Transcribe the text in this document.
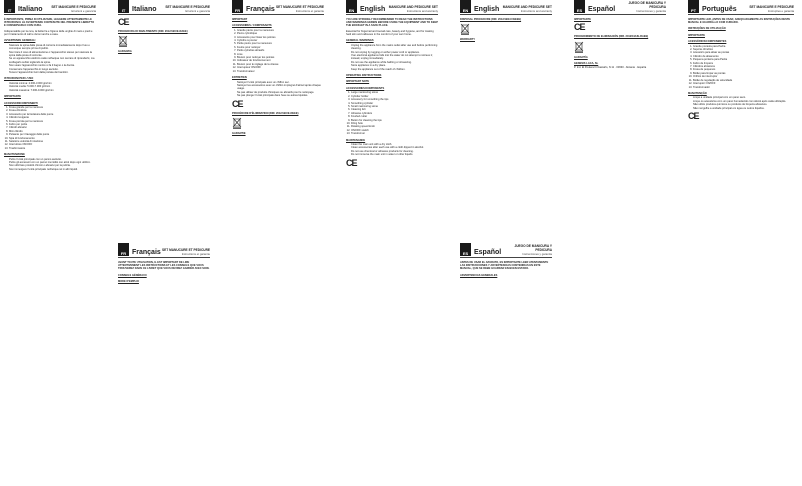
IT Italiano	SET MANICURE E PEDICURE
Istruzioni e garanzia
È IMPORTANTE, PRIMA DI UTILIZZARE, LEGGERE ATTENTAMENTE LE ISTRUZIONI E LE AVVERTENZE CONTENUTE NEL PRESENTE LIBRETTO E CONSERVARLO CON CURA.

Indispensabile per la cura, la bellezza e l'igiene delle unghie di mani e piedi e per il trattamento di calli e duroni anche a casa.

AVVERTENZE GENERALI
• Staccare la spina dalla presa di corrente immediatamente dopo l'uso e comunque sempre prima di pulirlo.
• Non tirare il cavo di alimentazione o l'apparecchio stesso per staccare la spina dalla presa di corrente.
• Se un apparecchio elettrico cade nell'acqua non cercare di riprenderlo; ma scollegarlo subito togliendo la spina.
• Non usare l'apparecchio mentre si fa il bagno o la doccia.
• Conservare l'apparecchio in luogo asciutto.
• Tenere l'apparecchio fuori dalla portata dei bambini.
ISTRUZIONI PER L'USO
• Velocità minima: 2.000-3.000 giri/min
• Velocità media: 5.000-7.000 giri/min
• Velocità massima: 7.000-9.000 giri/min
IMPORTANTE
ACCESSORI/COMPONENTI
1. Fresa grande per la manicure
2. Fresa cilindrica
3. Accessorio per la lisciatura delle punte
4. Cilindro levigante
5. Fresa piccola per la manicure
6. Feltro per pulire
7. Cilindri abrasivi
8. Mini cilindro
9. Pulsante per il lavaggio delle punte
10. Spia di funzionamento
11. Selettore velocità di rotazione
12. Interruttore ON/OFF
13. Trasformatore
MANUTENZIONE
• Pulire l'unità principale con un panno asciutto.
• Pulire gli accessori con un panno inumidito con alcol dopo ogni utilizzo.
• Non utilizzare prodotti chimici o abrasivi per la pulizia.
• Non immergere l'unità principale nell'acqua né in altri liquidi.
IT Italiano	SET MANICURE E PEDICURE
Istruzioni e garanzia
CE
PROCEDURA DI SMALTIMENTO (DIR. 2012/19/UE-RAEE)
GARANZIA
FR Français SET MANUCURE ET PEDICURE
Instructions et garantie
AVANT TOUTE UTILISATION, IL EST IMPORTANT DE LIRE ATTENTIVEMENT LES INSTRUCTIONS ET LES CONSEILS QUE VOUS TROUVEREZ DANS CE LIVRET QUE VOUS DEVREZ GARDER AVEC SOIN.
CONSEILS GÉNÉRAUX
MODE D'EMPLOI
FR Français SET MANUCURE ET PEDICURE
Instructions et garantie
IMPORTANT
ACCESSOIRES / COMPOSANTS
1. Grande pierre pour la manucure
2. Pierre cylindrique
3. Accessoire pour lisser les pointes
4. Cylindre à poncer
5. Petite pierre pour la manucure
6. Feutre pour nettoyer
7. Petits cylindres abrasifs
8. Lime
9. Bouton pour nettoyer les pointes
10. Indicateur de fonctionnement
11. Bouton pour le réglage de la vitesse
12. Interrupteur ON/OFF
13. Transformateur
ENTRETIEN
• Nettoyer l'unité principale avec un chiffon sec.
• Nettoyer les accessoires avec un chiffon imprégné d'alcool après chaque usage.
• Ne pas utiliser de produits chimiques ou abrasifs pour le nettoyage.
• Ne pas plonger l'unité principale dans l'eau ou autres liquides.
CE
PROCÉDURE D'ÉLIMINATION (DIR. 2012/19/UE-DEEE)
GARANTIE
EN English MANICURE AND PEDICURE SET
Instructions and warranty
YOU ARE STRONGLY RECOMMENDED TO READ THE INSTRUCTIONS AND WARNINGS HEREIN BEFORE USING THE EQUIPMENT AND TO KEEP THE BOOKLET IN A SAFE PLACE.

Essential for fingernail and toenail care, beauty and hygiene, and for treating hard skin and callouses in the comfort of your own home.

GENERAL WARNINGS
• Unplug the appliance from the mains outlet after use and before performing cleaning.
• Do not unplug by tugging on either power cord or appliance.
• If an electrical appliance falls into the water do not attempt to retrieve it; instead, unplug immediately.
• Do not use the appliance while bathing or showering.
• Store appliance in a dry place.
• Keep the appliance out of the reach of children.
OPERATING INSTRUCTIONS
IMPORTANT NOTE
ACCESSORIES/COMPONENTS
1. Large manicuring stone
2. Cylinder holder
3. Accessory for smoothing the tips
4. Smoothing cylinder
5. Small manicuring stone
6. Cleaning felt
7. Abrasive cylinders
8. Knurled cutter
9. Button for cleaning the tips
10. Filing hole
11. Rotating speed knob
12. ON/OFF switch
13. Transformer
MAINTENANCE
• Clean the main unit with a dry cloth.
• Clean accessories after each use with a cloth dipped in alcohol.
• Do not use chemical or abrasive products for cleaning.
• Do not immerse the main unit in water or other liquids.
CE
EN English MANICURE AND PEDICURE SET
Instructions and warranty
DISPOSAL PROCEDURE (DIR. 2012/19/EU-WEEE)
WARRANTY
ES Español
JUEGO DE MANICURA Y PEDICURA
Instrucciones y garantía
ANTES DE USAR EL APARATO, ES IMPORTANTE LEER ATENTAMENTE LAS INSTRUCCIONES Y ADVERTENCIAS CONTENIDAS EN ESTE MANUAL, QUE SE DEBE GUARDAR EN BUEN ESTADO.
ADVERTENCIAS GENERALES
ES Español
JUEGO DE MANICURA Y PEDICURA
Instrucciones y garantía
IMPORTANTE
CE
PROCEDIMIENTO DE ELIMINACIÓN (DIR. 2012/19/UE-RAEE)
GARANTÍA
GENESIS LACA, SL

P. Ind. El Pouleral C/Castaño, N 11 · 03630 · Alicante · España

PT Português	SET MANICURE E PEDICURE
Instruções e garantia
IMPORTANTE LER, ANTES DE USAR, ADEQUADAMENTE AS INSTRUÇÕES DESTE MANUAL E GUARDÁ-LO COM CUIDADO.
INSTRUÇÕES DE UTILIZAÇÃO
IMPORTANTE
ACESSÓRIOS/COMPONENTES
1. Grande ponteira para Pedra
2. Suporte cilíndrico
3. Acessório para alisar as pontas
4. Cilindro de alisamento
5. Pequena ponteira para Pedra
6. Feltro de limpeza
7. Cilindros abrasivos
8. Fresa de pequenos
9. Botão para limpar as pontas
10. Orifício de interruptor
11. Botão de regulação de velocidade
12. Interruptor ON/OFF
13. Transformador
MANUTENÇÃO
• Limpe a unidade principal com um pano seco.
• Limpe os acessórios com um pano humedecido com álcool após cada utilização.
• Não utilize produtos químicos ou produtos de limpeza abrasivos.
• Não mergulhe a unidade principal em água ou outros líquidos.
CE
